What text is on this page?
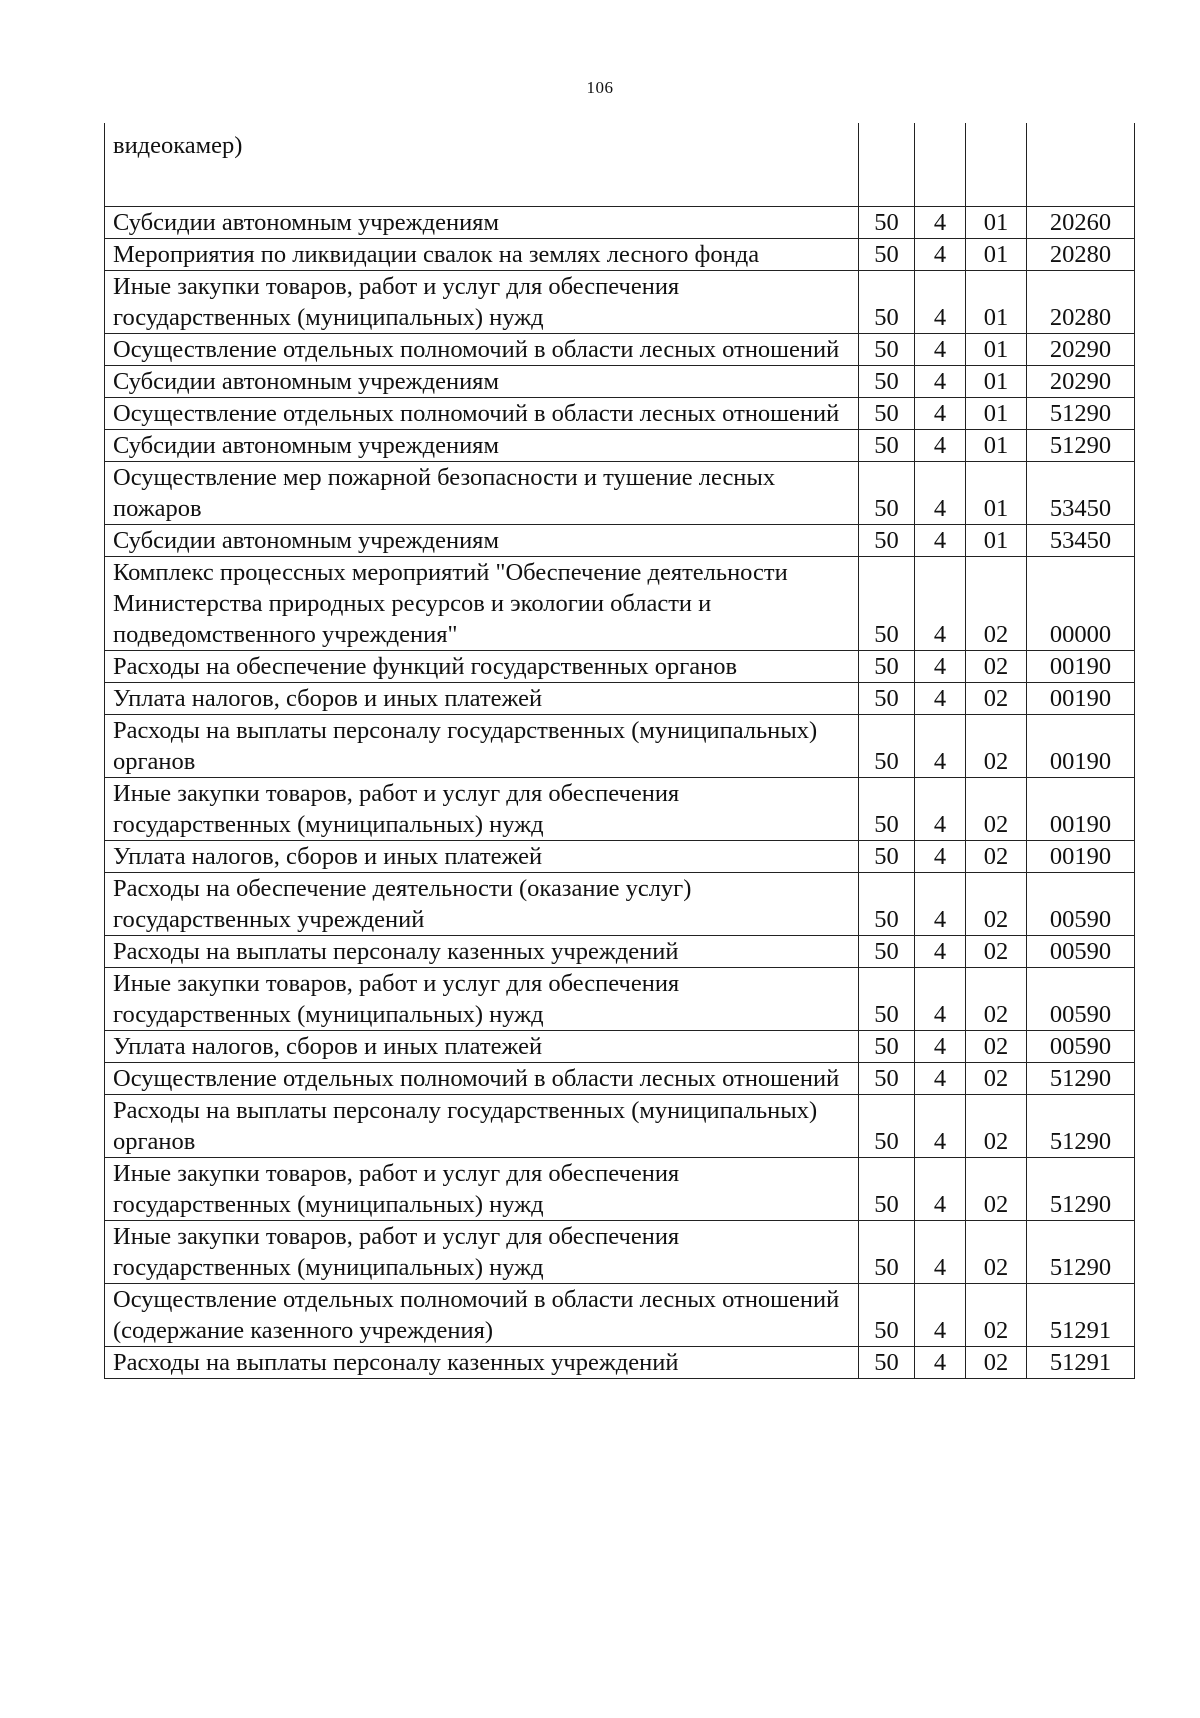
106
видеокамер)				
Субсидии автономным учреждениям	50	4	01	20260
Мероприятия по ликвидации свалок на землях лесного фонда	50	4	01	20280
Иные закупки товаров, работ и услуг для обеспечения государственных (муниципальных) нужд	50	4	01	20280
Осуществление отдельных полномочий в области лесных отношений	50	4	01	20290
Субсидии автономным учреждениям	50	4	01	20290
Осуществление отдельных полномочий в области лесных отношений	50	4	01	51290
Субсидии автономным учреждениям	50	4	01	51290
Осуществление мер пожарной безопасности и тушение лесных пожаров	50	4	01	53450
Субсидии автономным учреждениям	50	4	01	53450
Комплекс процессных мероприятий "Обеспечение деятельности Министерства природных ресурсов и экологии области и подведомственного учреждения"	50	4	02	00000
Расходы на обеспечение функций государственных органов	50	4	02	00190
Уплата налогов, сборов и иных платежей	50	4	02	00190
Расходы на выплаты персоналу государственных (муниципальных) органов	50	4	02	00190
Иные закупки товаров, работ и услуг для обеспечения государственных (муниципальных) нужд	50	4	02	00190
Уплата налогов, сборов и иных платежей	50	4	02	00190
Расходы на обеспечение деятельности (оказание услуг) государственных учреждений	50	4	02	00590
Расходы на выплаты персоналу казенных учреждений	50	4	02	00590
Иные закупки товаров, работ и услуг для обеспечения государственных (муниципальных) нужд	50	4	02	00590
Уплата налогов, сборов и иных платежей	50	4	02	00590
Осуществление отдельных полномочий в области лесных отношений	50	4	02	51290
Расходы на выплаты персоналу государственных (муниципальных) органов	50	4	02	51290
Иные закупки товаров, работ и услуг для обеспечения государственных (муниципальных) нужд	50	4	02	51290
Иные закупки товаров, работ и услуг для обеспечения государственных (муниципальных) нужд	50	4	02	51290
Осуществление отдельных полномочий в области лесных отношений (содержание казенного учреждения)	50	4	02	51291
Расходы на выплаты персоналу казенных учреждений	50	4	02	51291
